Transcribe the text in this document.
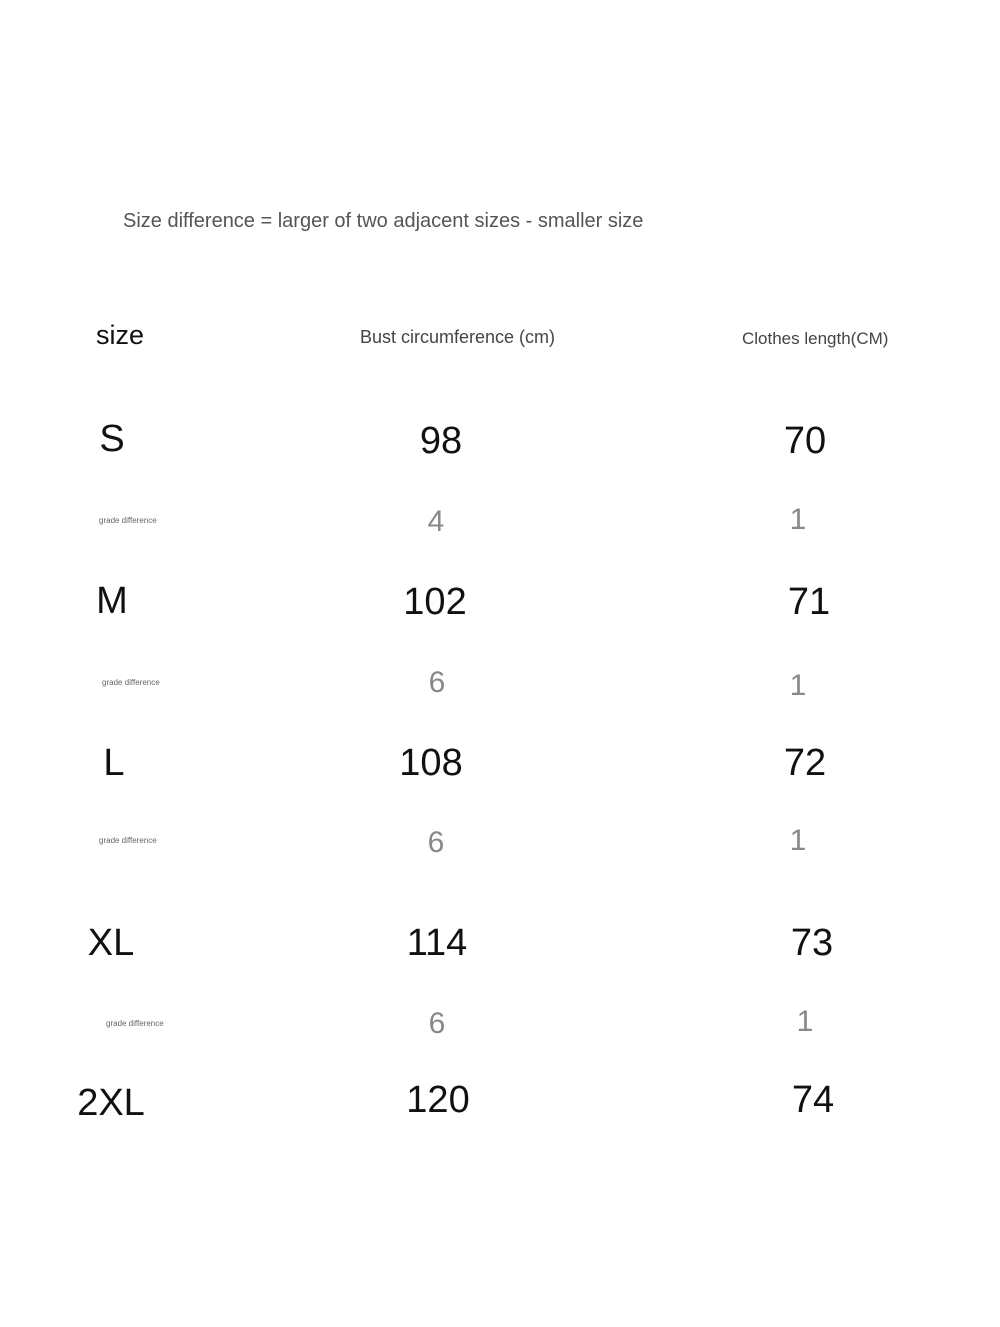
Size difference = larger of two adjacent sizes - smaller size
size	Bust circumference (cm)	Clothes length(CM)
S	98	70
grade difference	4	1
M	102	71
grade difference	6	1
L	108	72
grade difference	6	1
XL	114	73
grade difference	6	1
2XL	120	74
